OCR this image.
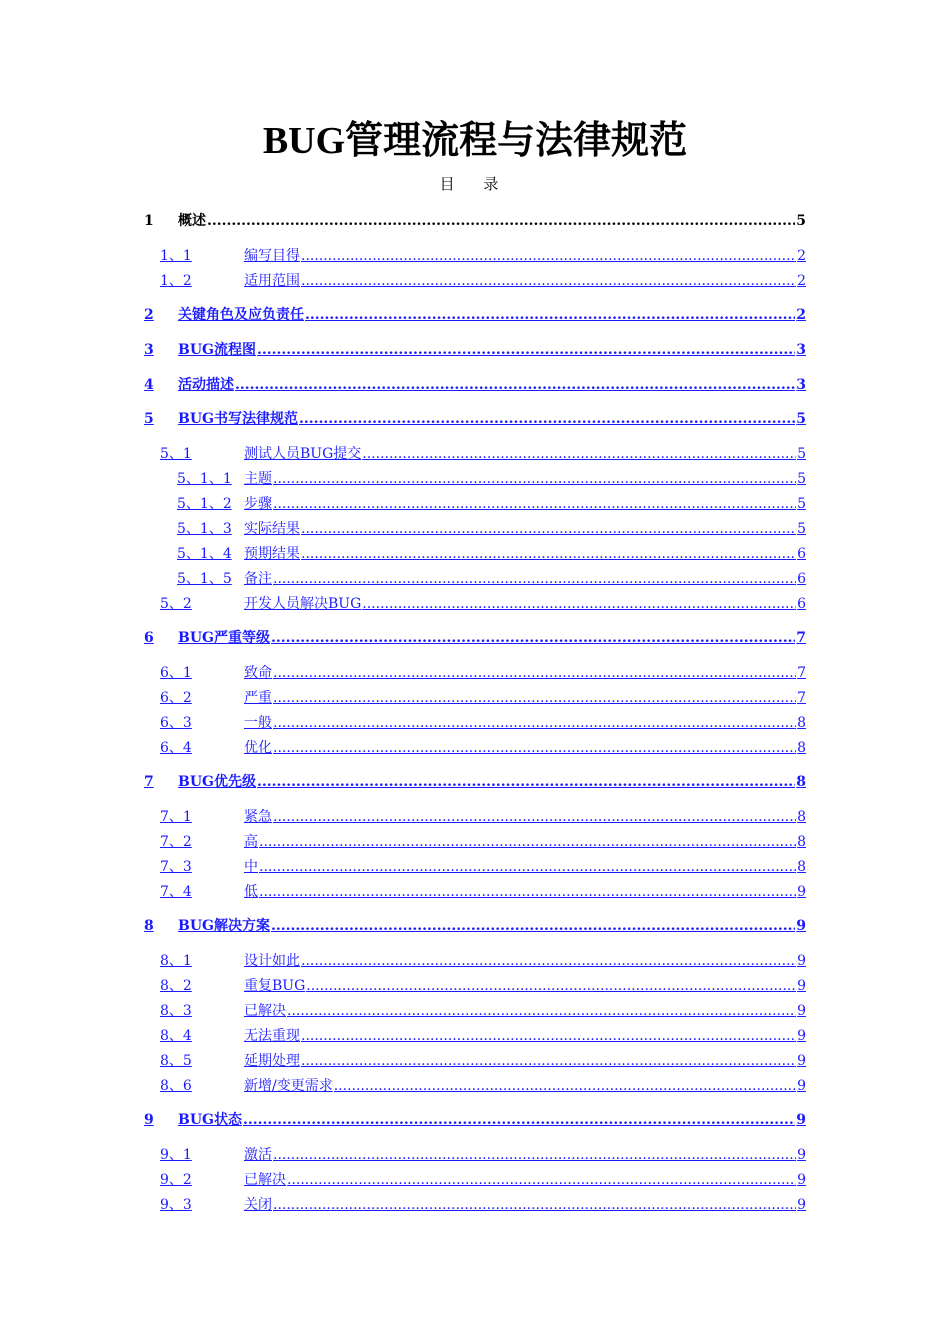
BUG管理流程与法律规范
目 录
1	概述 .....	5
1、1	编写目得 .....	2
1、2	适用范围 .....	2
2	关键角色及应负责任 .....	2
3	BUG流程图 .....	3
4	活动描述 .....	3
5	BUG书写法律规范 .....	5
5、1	测试人员BUG提交 .....	5
5、1、1 主题 .....	5
5、1、2 步骤 .....	5
5、1、3 实际结果 .....	5
5、1、4 预期结果 .....	6
5、1、5 备注 .....	6
5、2	开发人员解决BUG .....	6
6	BUG严重等级 .....	7
6、1	致命 .....	7
6、2	严重 .....	7
6、3	一般 .....	8
6、4	优化 .....	8
7	BUG优先级 .....	8
7、1	紧急 .....	8
7、2	高 .....	8
7、3	中 .....	8
7、4	低 .....	9
8	BUG解决方案 .....	9
8、1	设计如此 .....	9
8、2	重复BUG .....	9
8、3	已解决 .....	9
8、4	无法重现 .....	9
8、5	延期处理 .....	9
8、6	新增/变更需求 .....	9
9	BUG状态 .....	9
9、1	激活 .....	9
9、2	已解决 .....	9
9、3	关闭 .....	9
